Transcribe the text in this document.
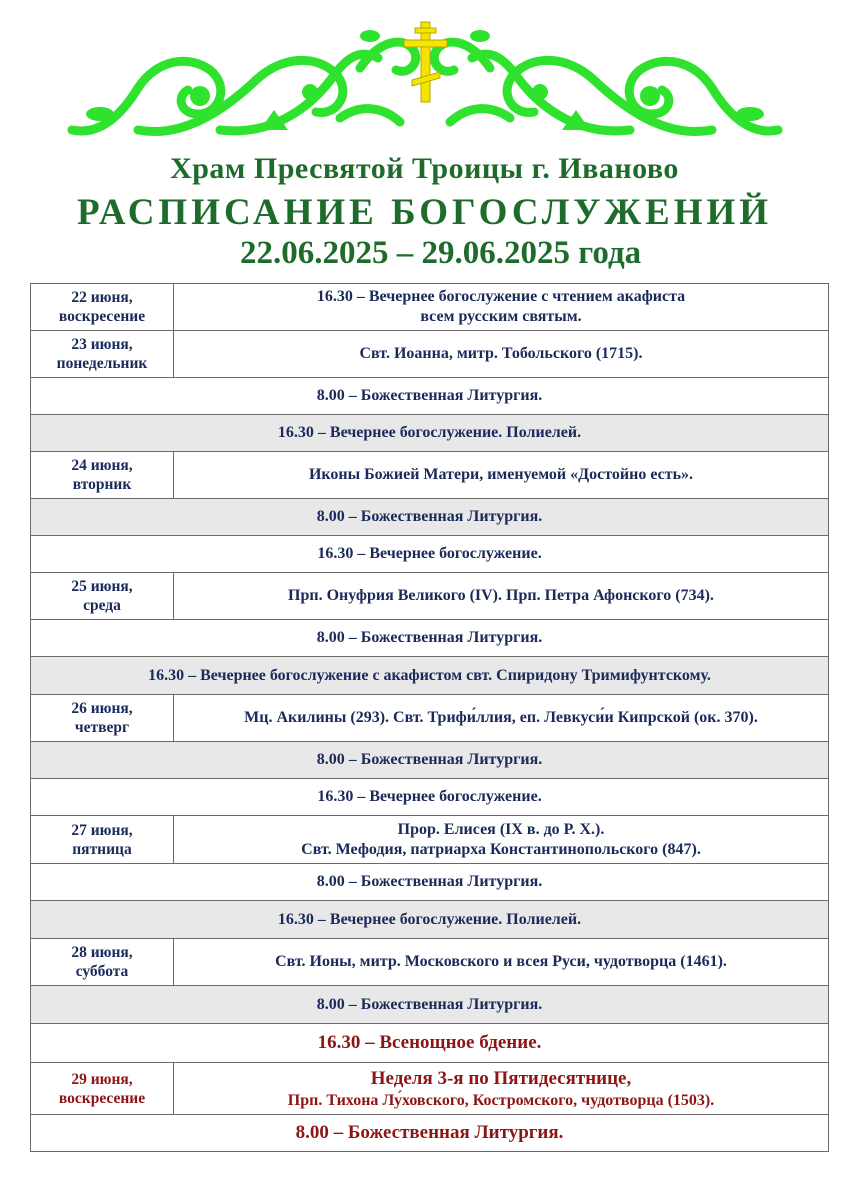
Храм Пресвятой Троицы г. Иваново
РАСПИСАНИЕ БОГОСЛУЖЕНИЙ
22.06.2025 – 29.06.2025 года
22 июня,
воскресение	16.30 – Вечернее богослужение с чтением акафиста
всем русским святым.

23 июня,
понедельник	Свт. Иоанна, митр. Тобольского (1715).
8.00 – Божественная Литургия.	
16.30 – Вечернее богослужение. Полиелей.	

24 июня,
вторник	Иконы Божией Матери, именуемой «Достойно есть».
8.00 – Божественная Литургия.	
16.30 – Вечернее богослужение.	

25 июня,
среда	Прп. Онуфрия Великого (IV). Прп. Петра Афонского (734).
8.00 – Божественная Литургия.	
16.30 – Вечернее богослужение с акафистом свт. Спиридону Тримифунтскому.	

26 июня,
четверг	Мц. Акилины (293). Свт. Трифи́ллия, еп. Левкуси́и Кипрской (ок. 370).
8.00 – Божественная Литургия.	
16.30 – Вечернее богослужение.	

27 июня,
пятница	Прор. Елисея (IX в. до Р. Х.).
Свт. Мефодия, патриарха Константинопольского (847).

8.00 – Божественная Литургия.	
16.30 – Вечернее богослужение. Полиелей.	

28 июня,
суббота	Свт. Ионы, митр. Московского и всея Руси, чудотворца (1461).
8.00 – Божественная Литургия.	
16.30 – Всенощное бдение.	

29 июня,
воскресение	Неделя 3-я по Пятидесятнице,
Прп. Тихона Лу́ховского, Костромского, чудотворца (1503).

8.00 – Божественная Литургия.	
